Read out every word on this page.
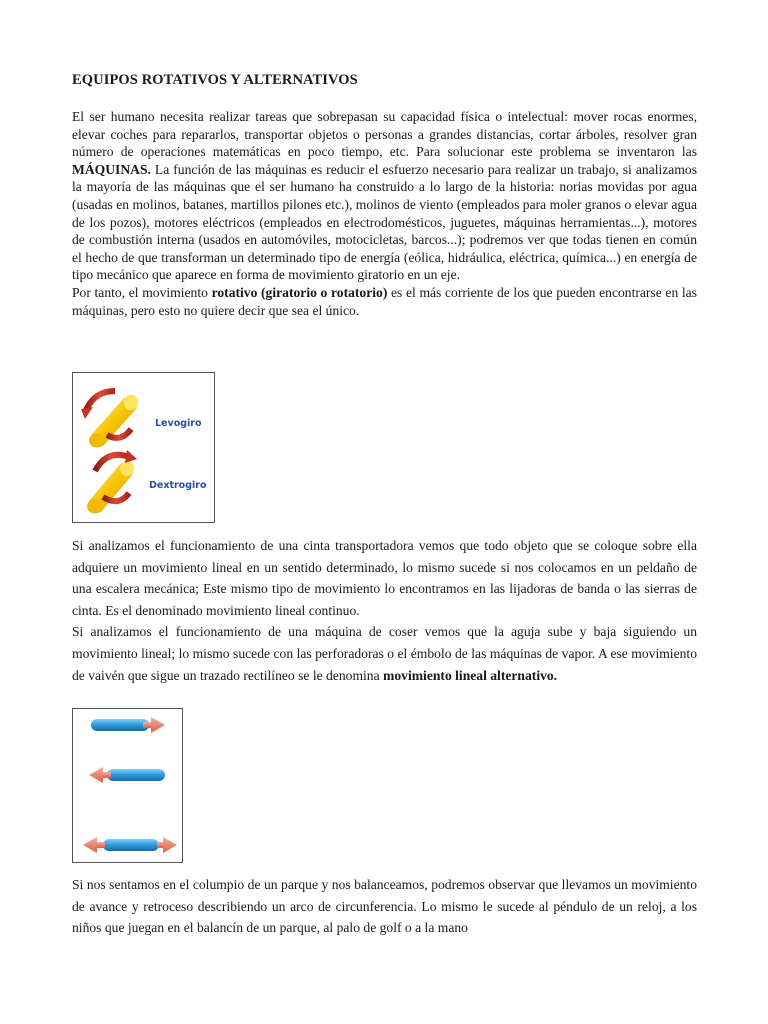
EQUIPOS ROTATIVOS Y ALTERNATIVOS

El ser humano necesita realizar tareas que sobrepasan su capacidad física o intelectual: mover rocas enormes, elevar coches para repararlos, transportar objetos o personas a grandes distancias, cortar árboles, resolver gran número de operaciones matemáticas en poco tiempo, etc. Para solucionar este problema se inventaron las MÁQUINAS. La función de las máquinas es reducir el esfuerzo necesario para realizar un trabajo, si analizamos la mayoría de las máquinas que el ser humano ha construido a lo largo de la historia: norias movidas por agua (usadas en molinos, batanes, martillos pilones etc.), molinos de viento (empleados para moler granos o elevar agua de los pozos), motores eléctricos (empleados en electrodomésticos, juguetes, máquinas herramientas...), motores de combustión interna (usados en automóviles, motocicletas, barcos...); podremos ver que todas tienen en común el hecho de que transforman un determinado tipo de energía (eólica, hidráulica, eléctrica, química...) en energía de tipo mecánico que aparece en forma de movimiento giratorio en un eje.

Por tanto, el movimiento rotativo (giratorio o rotatorio) es el más corriente de los que pueden encontrarse en las máquinas, pero esto no quiere decir que sea el único.

Levogiro
Dextrogiro

Si analizamos el funcionamiento de una cinta transportadora vemos que todo objeto que se coloque sobre ella adquiere un movimiento lineal en un sentido determinado, lo mismo sucede si nos colocamos en un peldaño de una escalera mecánica; Este mismo tipo de movimiento lo encontramos en las lijadoras de banda o las sierras de cinta. Es el denominado movimiento lineal continuo.

Si analizamos el funcionamiento de una máquina de coser vemos que la aguja sube y baja siguiendo un movimiento lineal; lo mismo sucede con las perforadoras o el émbolo de las máquinas de vapor. A ese movimiento de vaivén que sigue un trazado rectilíneo se le denomina movimiento lineal alternativo.

Si nos sentamos en el columpio de un parque y nos balanceamos, podremos observar que llevamos un movimiento de avance y retroceso describiendo un arco de circunferencia. Lo mismo le sucede al péndulo de un reloj, a los niños que juegan en el balancín de un parque, al palo de golf o a la mano
